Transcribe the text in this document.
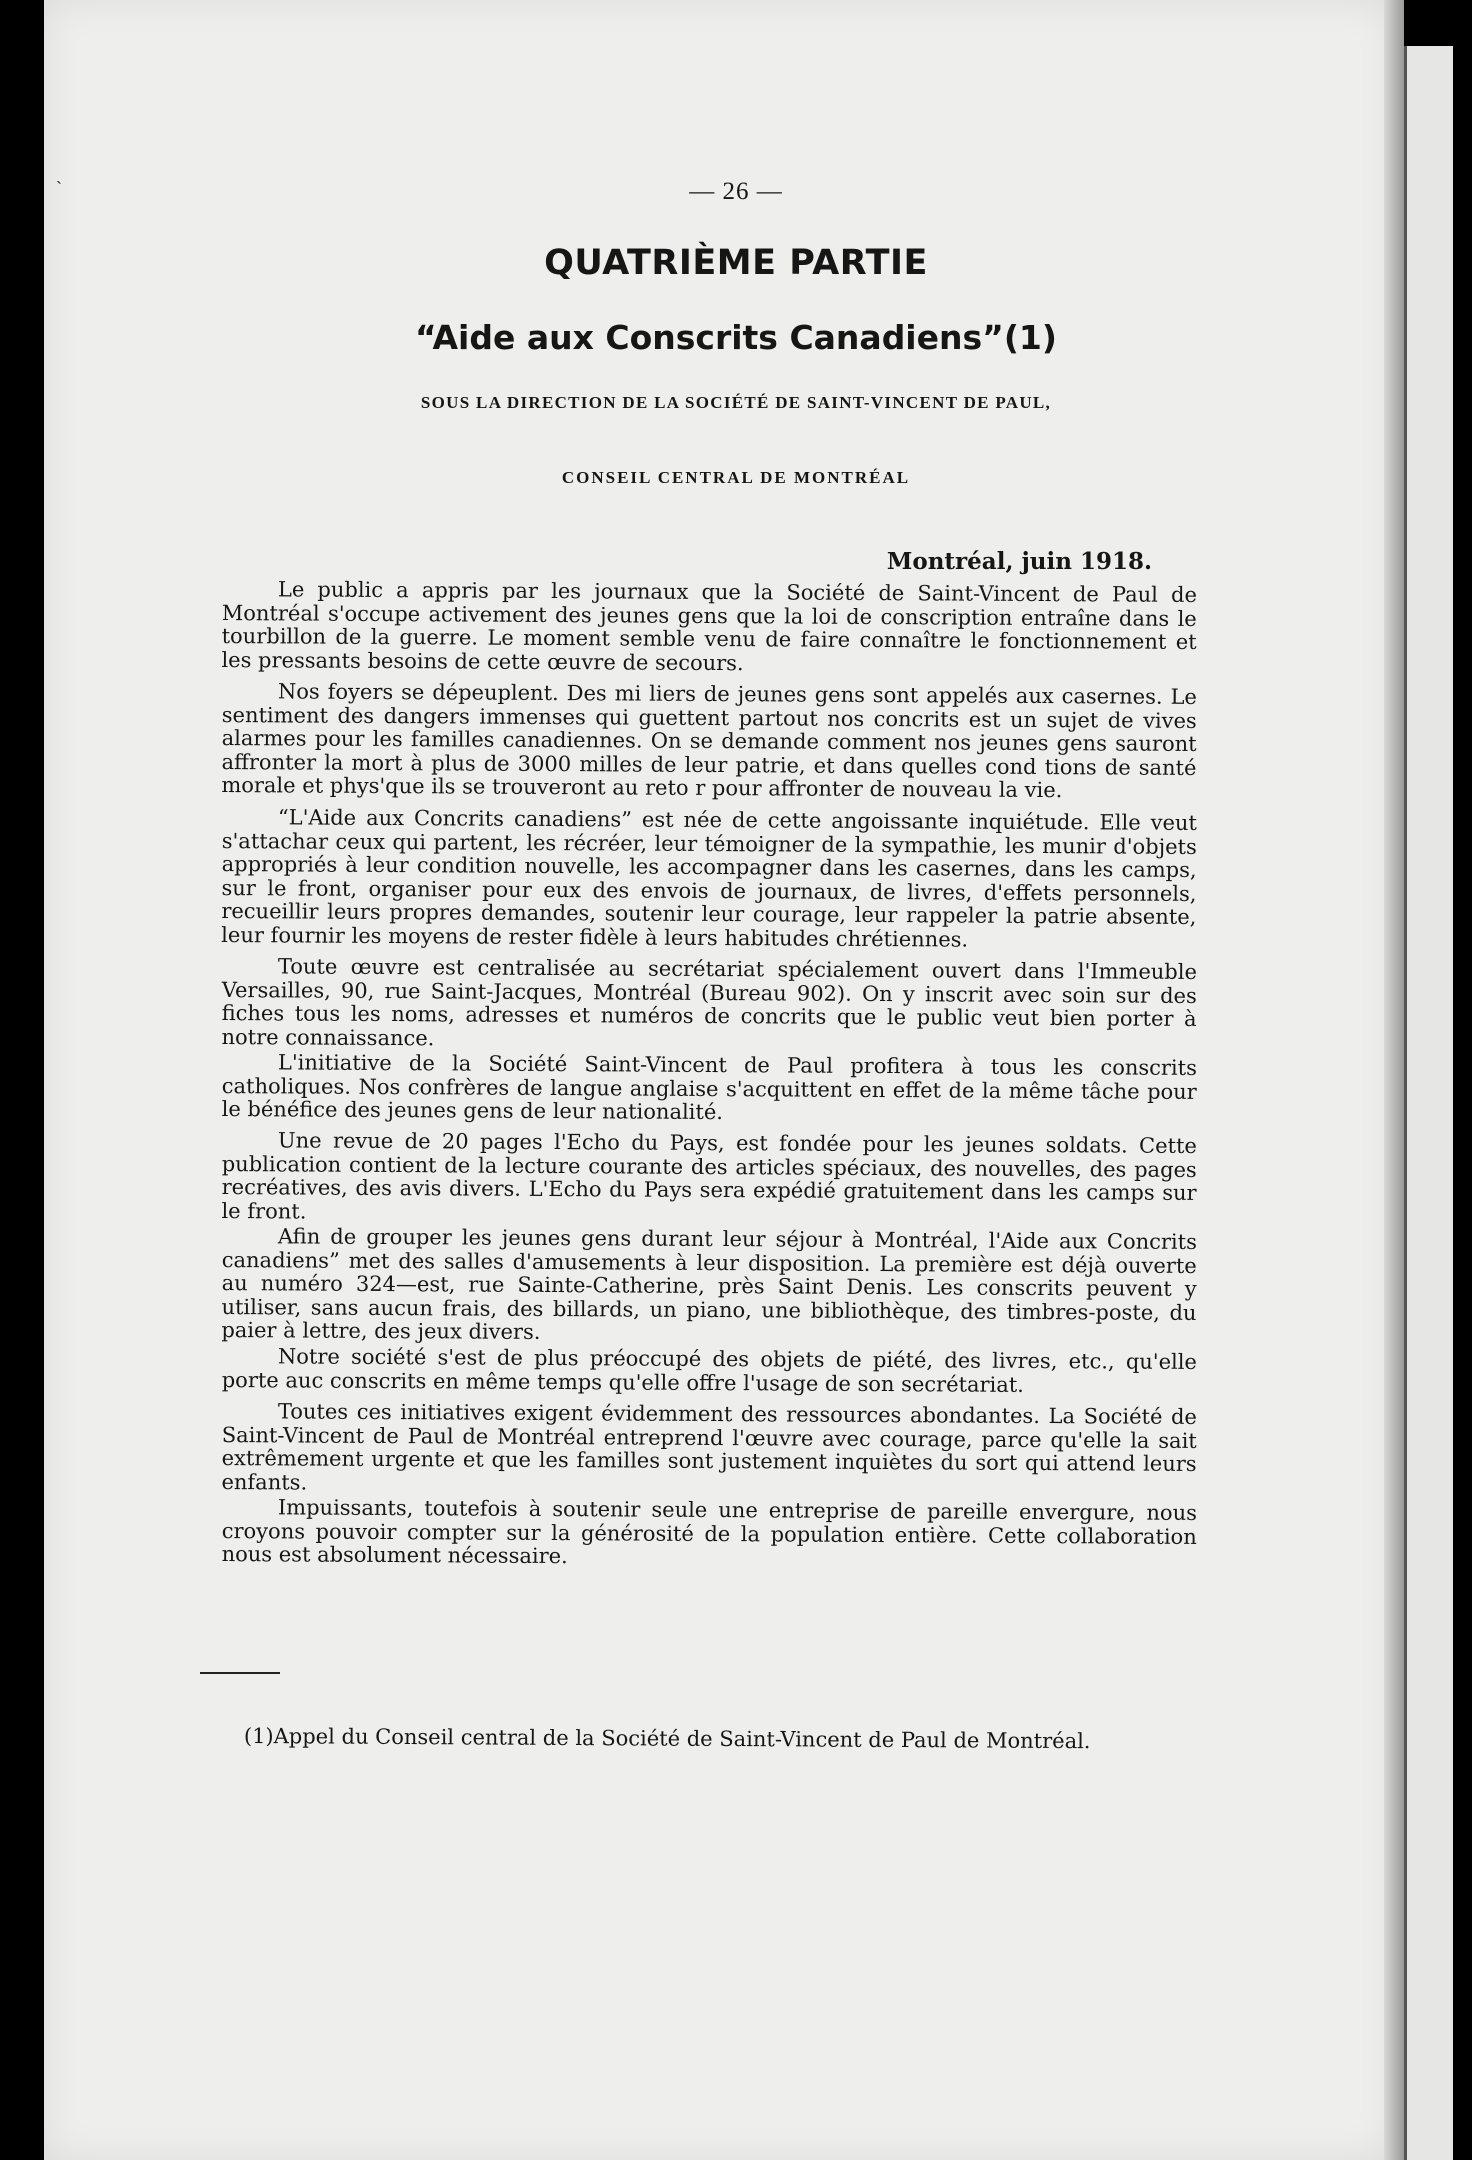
`	— 26 —
QUATRIÈME PARTIE
“Aide aux Conscrits Canadiens”(1)
SOUS LA DIRECTION DE LA SOCIÉTÉ DE SAINT-VINCENT DE PAUL,
CONSEIL CENTRAL DE MONTRÉAL
Montréal, juin 1918.

Le public a appris par les journaux que la Société de Saint-Vincent de Paul de Montréal s'occupe activement des jeunes gens que la loi de conscription entraîne dans le tourbillon de la guerre. Le moment semble venu de faire connaître le fonctionnement et les pressants besoins de cette œuvre de secours.

Nos foyers se dépeuplent. Des mi liers de jeunes gens sont appelés aux casernes. Le sentiment des dangers immenses qui guettent partout nos concrits est un sujet de vives alarmes pour les familles canadiennes. On se demande comment nos jeunes gens sauront affronter la mort à plus de 3000 milles de leur patrie, et dans quelles cond tions de santé morale et phys'que ils se trouveront au reto r pour affronter de nouveau la vie.

“L'Aide aux Concrits canadiens” est née de cette angoissante inquiétude. Elle veut s'attachar ceux qui partent, les récréer, leur témoigner de la sympathie, les munir d'objets appropriés à leur condition nouvelle, les accompagner dans les casernes, dans les camps, sur le front, organiser pour eux des envois de journaux, de livres, d'effets personnels, recueillir leurs propres demandes, soutenir leur courage, leur rappeler la patrie absente, leur fournir les moyens de rester fidèle à leurs habitudes chrétiennes.

Toute œuvre est centralisée au secrétariat spécialement ouvert dans l'Immeuble Versailles, 90, rue Saint-Jacques, Montréal (Bureau 902). On y inscrit avec soin sur des fiches tous les noms, adresses et numéros de concrits que le public veut bien porter à notre connaissance.

L'initiative de la Société Saint-Vincent de Paul profitera à tous les conscrits catholiques. Nos confrères de langue anglaise s'acquittent en effet de la même tâche pour le bénéfice des jeunes gens de leur nationalité.

Une revue de 20 pages l'Echo du Pays, est fondée pour les jeunes soldats. Cette publication contient de la lecture courante des articles spéciaux, des nouvelles, des pages recréatives, des avis divers. L'Echo du Pays sera expédié gratuitement dans les camps sur le front.

Afin de grouper les jeunes gens durant leur séjour à Montréal, l'Aide aux Concrits canadiens” met des salles d'amusements à leur disposition. La première est déjà ouverte au numéro 324—est, rue Sainte-Catherine, près Saint Denis. Les conscrits peuvent y utiliser, sans aucun frais, des billards, un piano, une bibliothèque, des timbres-poste, du paier à lettre, des jeux divers.

Notre société s'est de plus préoccupé des objets de piété, des livres, etc., qu'elle porte auc conscrits en même temps qu'elle offre l'usage de son secrétariat.

Toutes ces initiatives exigent évidemment des ressources abondantes. La Société de Saint-Vincent de Paul de Montréal entreprend l'œuvre avec courage, parce qu'elle la sait extrêmement urgente et que les familles sont justement inquiètes du sort qui attend leurs enfants.

Impuissants, toutefois à soutenir seule une entreprise de pareille envergure, nous croyons pouvoir compter sur la générosité de la population entière. Cette collaboration nous est absolument nécessaire.

(1)Appel du Conseil central de la Société de Saint-Vincent de Paul de Montréal.
